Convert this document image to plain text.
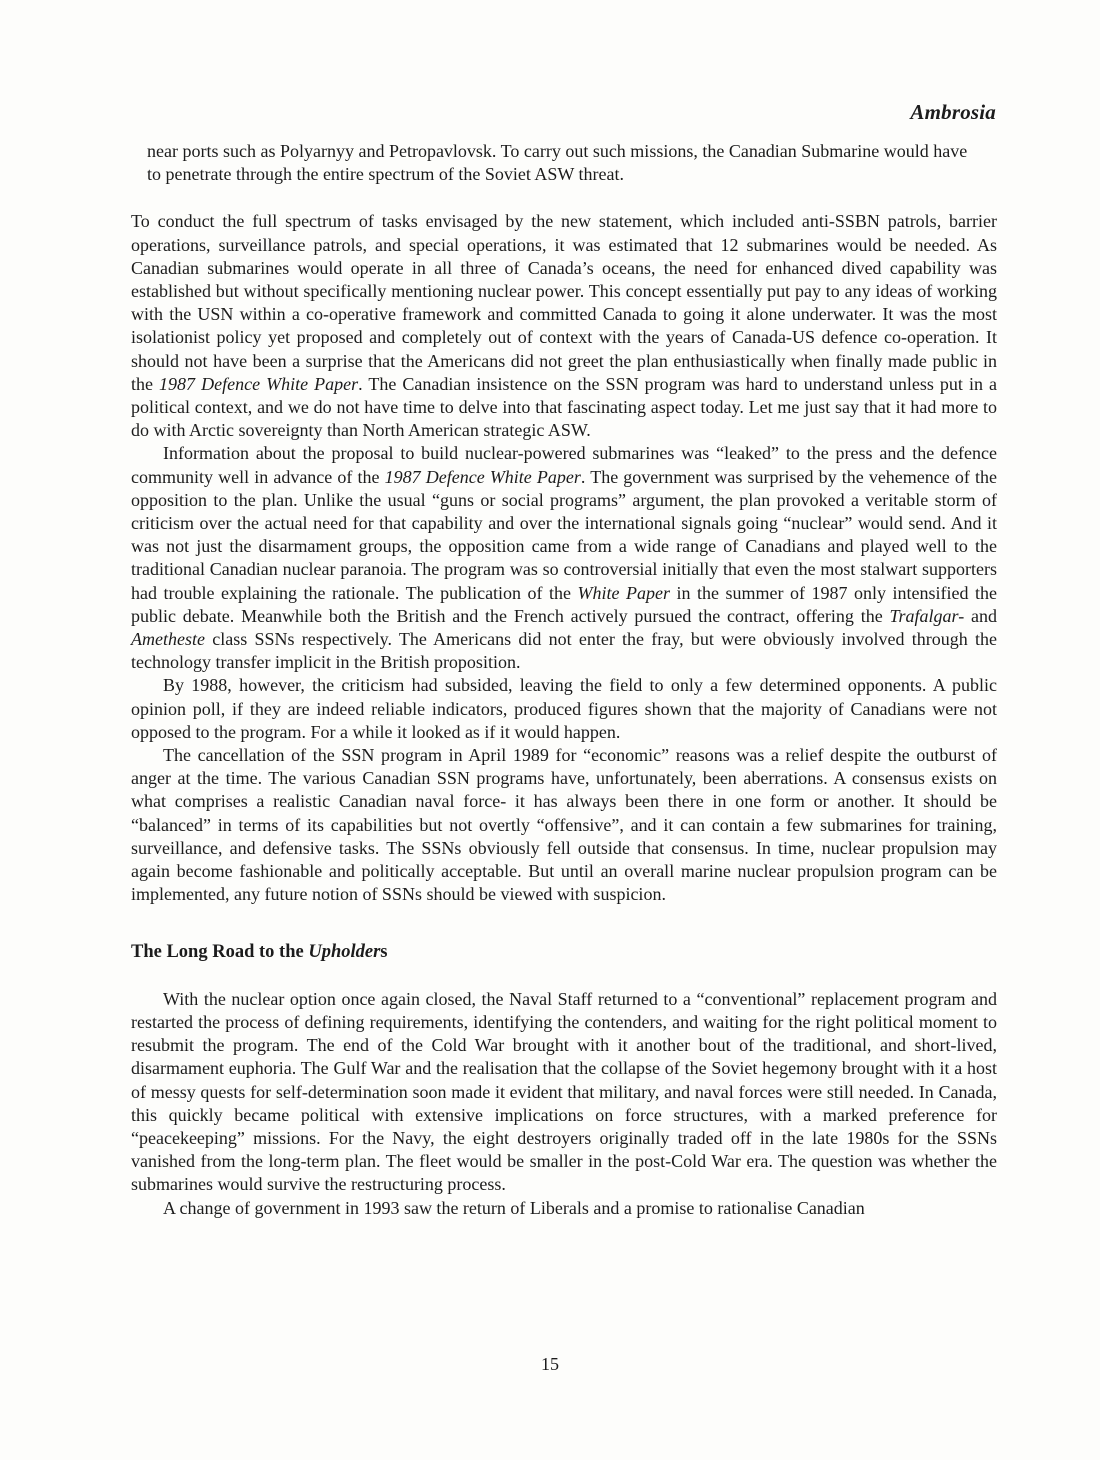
Ambrosia

near ports such as Polyarnyy and Petropavlovsk. To carry out such missions, the Canadian Submarine would have to penetrate through the entire spectrum of the Soviet ASW threat.

To conduct the full spectrum of tasks envisaged by the new statement, which included anti-SSBN patrols, barrier operations, surveillance patrols, and special operations, it was estimated that 12 submarines would be needed. As Canadian submarines would operate in all three of Canada’s oceans, the need for enhanced dived capability was established but without specifically mentioning nuclear power. This concept essentially put pay to any ideas of working with the USN within a co-operative framework and committed Canada to going it alone underwater. It was the most isolationist policy yet proposed and completely out of context with the years of Canada-US defence co-operation. It should not have been a surprise that the Americans did not greet the plan enthusiastically when finally made public in the 1987 Defence White Paper. The Canadian insistence on the SSN program was hard to understand unless put in a political context, and we do not have time to delve into that fascinating aspect today. Let me just say that it had more to do with Arctic sovereignty than North American strategic ASW.

Information about the proposal to build nuclear-powered submarines was “leaked” to the press and the defence community well in advance of the 1987 Defence White Paper. The government was surprised by the vehemence of the opposition to the plan. Unlike the usual “guns or social programs” argument, the plan provoked a veritable storm of criticism over the actual need for that capability and over the international signals going “nuclear” would send. And it was not just the disarmament groups, the opposition came from a wide range of Canadians and played well to the traditional Canadian nuclear paranoia. The program was so controversial initially that even the most stalwart supporters had trouble explaining the rationale. The publication of the White Paper in the summer of 1987 only intensified the public debate. Meanwhile both the British and the French actively pursued the contract, offering the Trafalgar- and Ametheste class SSNs respectively. The Americans did not enter the fray, but were obviously involved through the technology transfer implicit in the British proposition.

By 1988, however, the criticism had subsided, leaving the field to only a few determined opponents. A public opinion poll, if they are indeed reliable indicators, produced figures shown that the majority of Canadians were not opposed to the program. For a while it looked as if it would happen.

The cancellation of the SSN program in April 1989 for “economic” reasons was a relief despite the outburst of anger at the time. The various Canadian SSN programs have, unfortunately, been aberrations. A consensus exists on what comprises a realistic Canadian naval force- it has always been there in one form or another. It should be “balanced” in terms of its capabilities but not overtly “offensive”, and it can contain a few submarines for training, surveillance, and defensive tasks. The SSNs obviously fell outside that consensus. In time, nuclear propulsion may again become fashionable and politically acceptable. But until an overall marine nuclear propulsion program can be implemented, any future notion of SSNs should be viewed with suspicion.

The Long Road to the Upholders

With the nuclear option once again closed, the Naval Staff returned to a “conventional” replacement program and restarted the process of defining requirements, identifying the contenders, and waiting for the right political moment to resubmit the program. The end of the Cold War brought with it another bout of the traditional, and short-lived, disarmament euphoria. The Gulf War and the realisation that the collapse of the Soviet hegemony brought with it a host of messy quests for self-determination soon made it evident that military, and naval forces were still needed. In Canada, this quickly became political with extensive implications on force structures, with a marked preference for “peacekeeping” missions. For the Navy, the eight destroyers originally traded off in the late 1980s for the SSNs vanished from the long-term plan. The fleet would be smaller in the post-Cold War era. The question was whether the submarines would survive the restructuring process.

A change of government in 1993 saw the return of Liberals and a promise to rationalise Canadian

15
